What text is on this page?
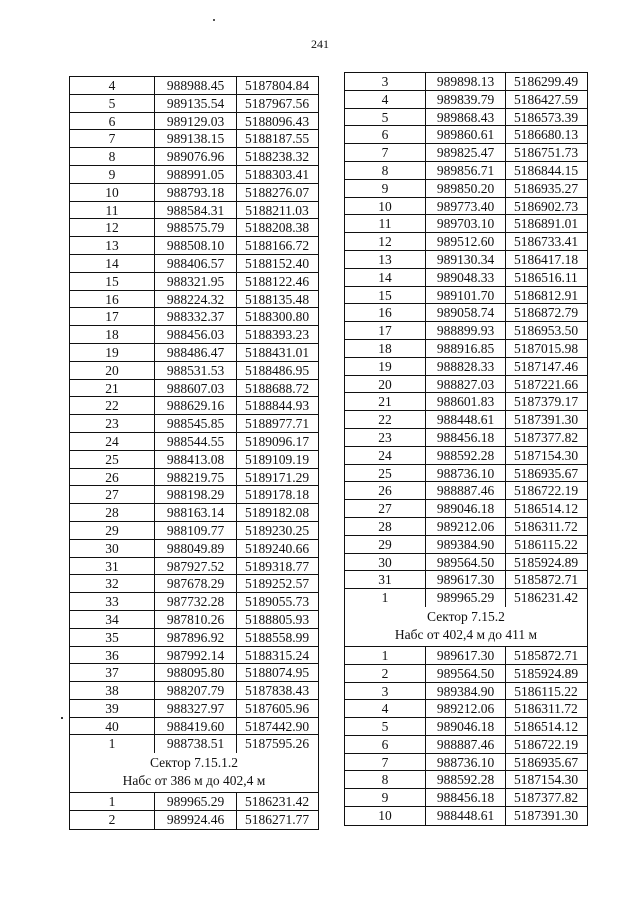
241
4	988988.45	5187804.84
5	989135.54	5187967.56
6	989129.03	5188096.43
7	989138.15	5188187.55
8	989076.96	5188238.32
9	988991.05	5188303.41
10	988793.18	5188276.07
11	988584.31	5188211.03
12	988575.79	5188208.38
13	988508.10	5188166.72
14	988406.57	5188152.40
15	988321.95	5188122.46
16	988224.32	5188135.48
17	988332.37	5188300.80
18	988456.03	5188393.23
19	988486.47	5188431.01
20	988531.53	5188486.95
21	988607.03	5188688.72
22	988629.16	5188844.93
23	988545.85	5188977.71
24	988544.55	5189096.17
25	988413.08	5189109.19
26	988219.75	5189171.29
27	988198.29	5189178.18
28	988163.14	5189182.08
29	988109.77	5189230.25
30	988049.89	5189240.66
31	987927.52	5189318.77
32	987678.29	5189252.57
33	987732.28	5189055.73
34	987810.26	5188805.93
35	987896.92	5188558.99
36	987992.14	5188315.24
37	988095.80	5188074.95
38	988207.79	5187838.43
39	988327.97	5187605.96
40	988419.60	5187442.90
1	988738.51	5187595.26
Сектор 7.15.1.2
Набс от 386 м до 402,4 м
1	989965.29	5186231.42
2	989924.46	5186271.77
3	989898.13	5186299.49
4	989839.79	5186427.59
5	989868.43	5186573.39
6	989860.61	5186680.13
7	989825.47	5186751.73
8	989856.71	5186844.15
9	989850.20	5186935.27
10	989773.40	5186902.73
11	989703.10	5186891.01
12	989512.60	5186733.41
13	989130.34	5186417.18
14	989048.33	5186516.11
15	989101.70	5186812.91
16	989058.74	5186872.79
17	988899.93	5186953.50
18	988916.85	5187015.98
19	988828.33	5187147.46
20	988827.03	5187221.66
21	988601.83	5187379.17
22	988448.61	5187391.30
23	988456.18	5187377.82
24	988592.28	5187154.30
25	988736.10	5186935.67
26	988887.46	5186722.19
27	989046.18	5186514.12
28	989212.06	5186311.72
29	989384.90	5186115.22
30	989564.50	5185924.89
31	989617.30	5185872.71
1	989965.29	5186231.42
Сектор 7.15.2
Набс от 402,4 м до 411 м
1	989617.30	5185872.71
2	989564.50	5185924.89
3	989384.90	5186115.22
4	989212.06	5186311.72
5	989046.18	5186514.12
6	988887.46	5186722.19
7	988736.10	5186935.67
8	988592.28	5187154.30
9	988456.18	5187377.82
10	988448.61	5187391.30
